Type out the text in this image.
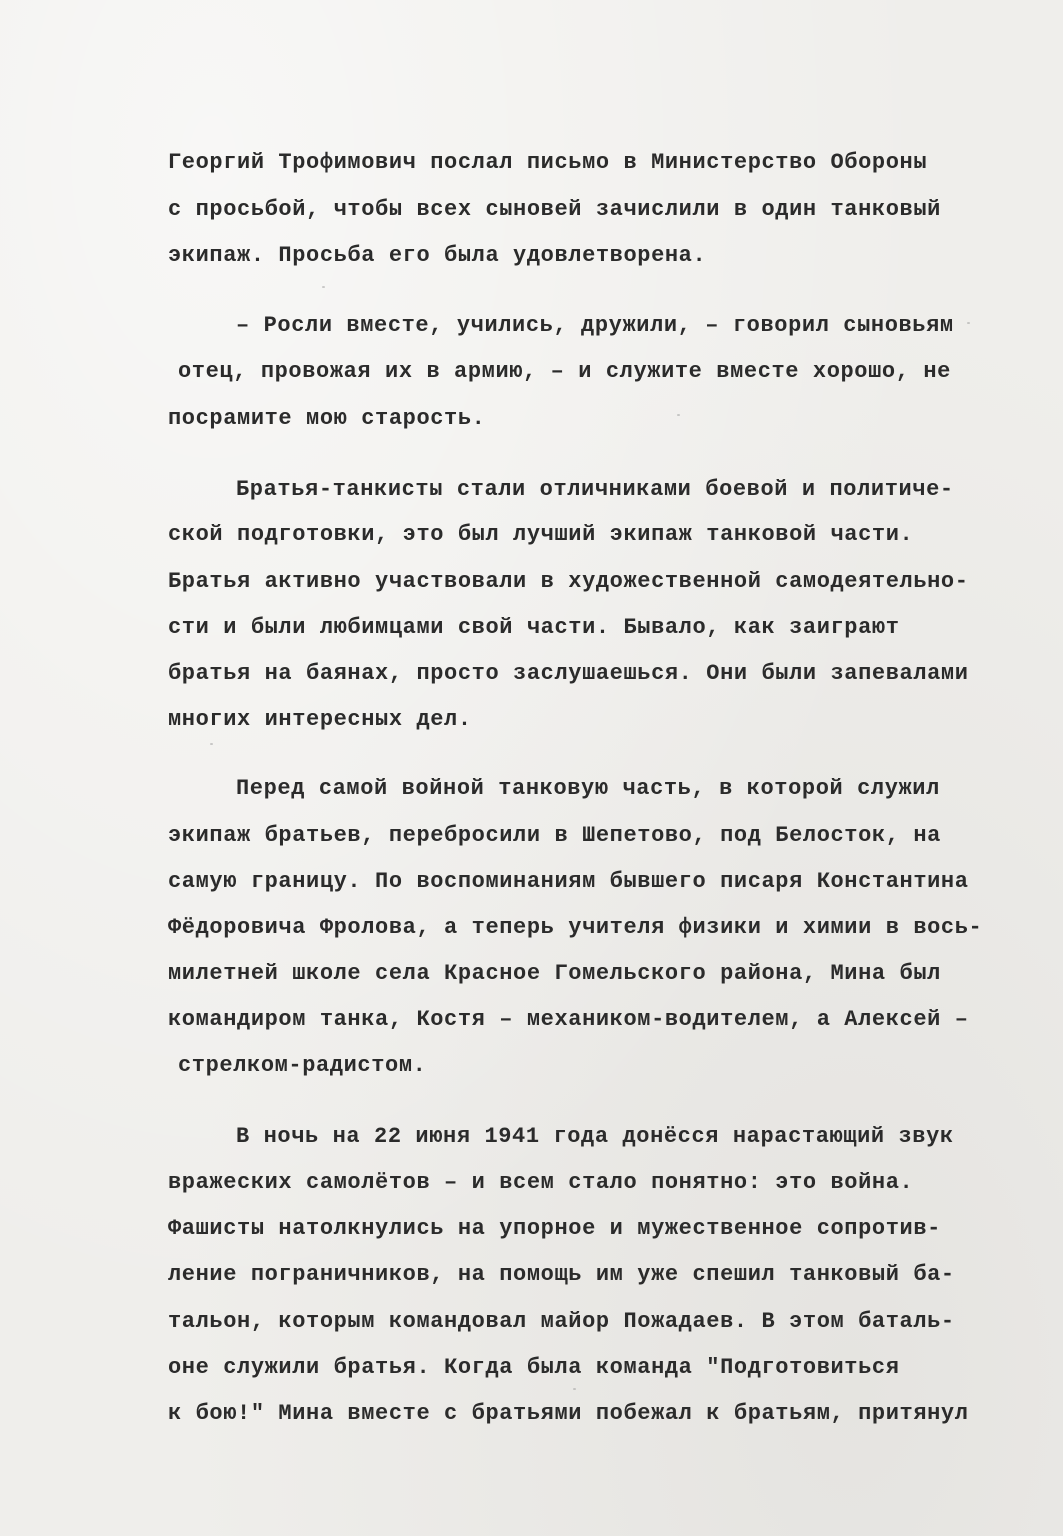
Георгий Трофимович послал письмо в Министерство Обороны

с просьбой, чтобы всех сыновей зачислили в один танковый

экипаж. Просьба его была удовлетворена.

– Росли вместе, учились, дружили, – говорил сыновьям

отец, провожая их в армию, – и служите вместе хорошо, не

посрамите мою старость.

Братья-танкисты стали отличниками боевой и политиче-

ской подготовки, это был лучший экипаж танковой части.

Братья активно участвовали в художественной самодеятельно-

сти и были любимцами свой части. Бывало, как заиграют

братья на баянах, просто заслушаешься. Они были запевалами

многих интересных дел.

Перед самой войной танковую часть, в которой служил

экипаж братьев, перебросили в Шепетово, под Белосток, на

самую границу. По воспоминаниям бывшего писаря Константина

Фёдоровича Фролова, а теперь учителя физики и химии в вось-

милетней школе села Красное Гомельского района, Мина был

командиром танка, Костя – механиком-водителем, а Алексей –

стрелком-радистом.

В ночь на 22 июня 1941 года донёсся нарастающий звук

вражеских самолётов – и всем стало понятно: это война.

Фашисты натолкнулись на упорное и мужественное сопротив-

ление пограничников, на помощь им уже спешил танковый ба-

тальон, которым командовал майор Пожадаев. В этом баталь-

оне служили братья. Когда была команда "Подготовиться

к бою!" Мина вместе с братьями побежал к братьям, притянул
